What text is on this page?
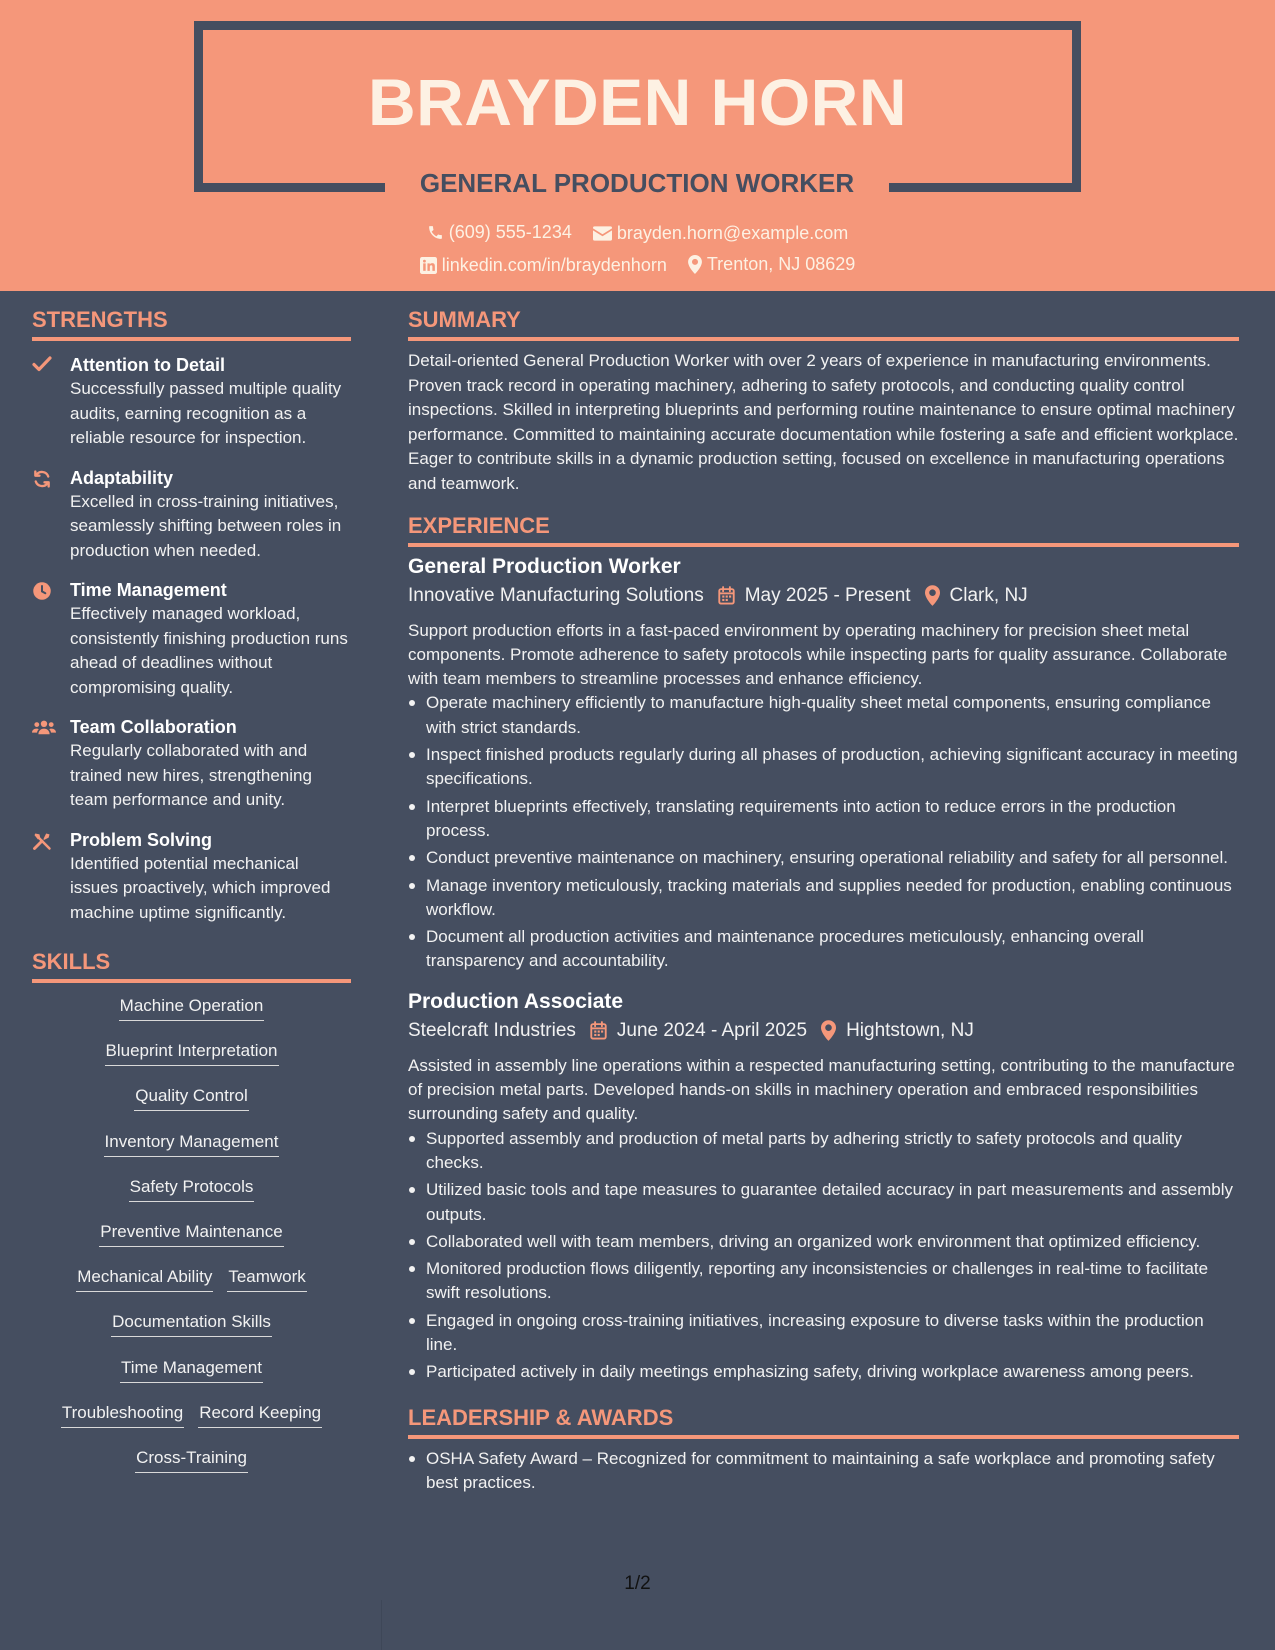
BRAYDEN HORN
GENERAL PRODUCTION WORKER
(609) 555-1234
	brayden.horn@example.com
linkedin.com/in/braydenhorn
Trenton, NJ 08629
STRENGTHS
Attention to Detail
Successfully passed multiple quality audits, earning recognition as a reliable resource for inspection.
Adaptability
Excelled in cross-training initiatives, seamlessly shifting between roles in production when needed.
Time Management
Effectively managed workload, consistently finishing production runs ahead of deadlines without compromising quality.
Team Collaboration
Regularly collaborated with and trained new hires, strengthening team performance and unity.
Problem Solving
Identified potential mechanical issues proactively, which improved machine uptime significantly.
SKILLS
Machine Operation
Blueprint Interpretation
Quality Control
Inventory Management
Safety Protocols
Preventive Maintenance
Mechanical Ability Teamwork
Documentation Skills
Time Management
Troubleshooting Record Keeping
Cross-Training
SUMMARY
Detail-oriented General Production Worker with over 2 years of experience in manufacturing environments. Proven track record in operating machinery, adhering to safety protocols, and conducting quality control inspections. Skilled in interpreting blueprints and performing routine maintenance to ensure optimal machinery performance. Committed to maintaining accurate documentation while fostering a safe and efficient workplace. Eager to contribute skills in a dynamic production setting, focused on excellence in manufacturing operations and teamwork.
EXPERIENCE
General Production Worker
Innovative Manufacturing Solutions May 2025 - Present Clark, NJ
Support production efforts in a fast-paced environment by operating machinery for precision sheet metal components. Promote adherence to safety protocols while inspecting parts for quality assurance. Collaborate with team members to streamline processes and enhance efficiency.
Operate machinery efficiently to manufacture high-quality sheet metal components, ensuring compliance with strict standards.
Inspect finished products regularly during all phases of production, achieving significant accuracy in meeting specifications.
Interpret blueprints effectively, translating requirements into action to reduce errors in the production process.
Conduct preventive maintenance on machinery, ensuring operational reliability and safety for all personnel.
Manage inventory meticulously, tracking materials and supplies needed for production, enabling continuous workflow.
Document all production activities and maintenance procedures meticulously, enhancing overall transparency and accountability.
Production Associate
Steelcraft Industries June 2024 - April 2025 Hightstown, NJ
Assisted in assembly line operations within a respected manufacturing setting, contributing to the manufacture of precision metal parts. Developed hands-on skills in machinery operation and embraced responsibilities surrounding safety and quality.
Supported assembly and production of metal parts by adhering strictly to safety protocols and quality checks.
Utilized basic tools and tape measures to guarantee detailed accuracy in part measurements and assembly outputs.
Collaborated well with team members, driving an organized work environment that optimized efficiency.
Monitored production flows diligently, reporting any inconsistencies or challenges in real-time to facilitate swift resolutions.
Engaged in ongoing cross-training initiatives, increasing exposure to diverse tasks within the production line.
Participated actively in daily meetings emphasizing safety, driving workplace awareness among peers.
LEADERSHIP & AWARDS
OSHA Safety Award – Recognized for commitment to maintaining a safe workplace and promoting safety best practices.
1/2
